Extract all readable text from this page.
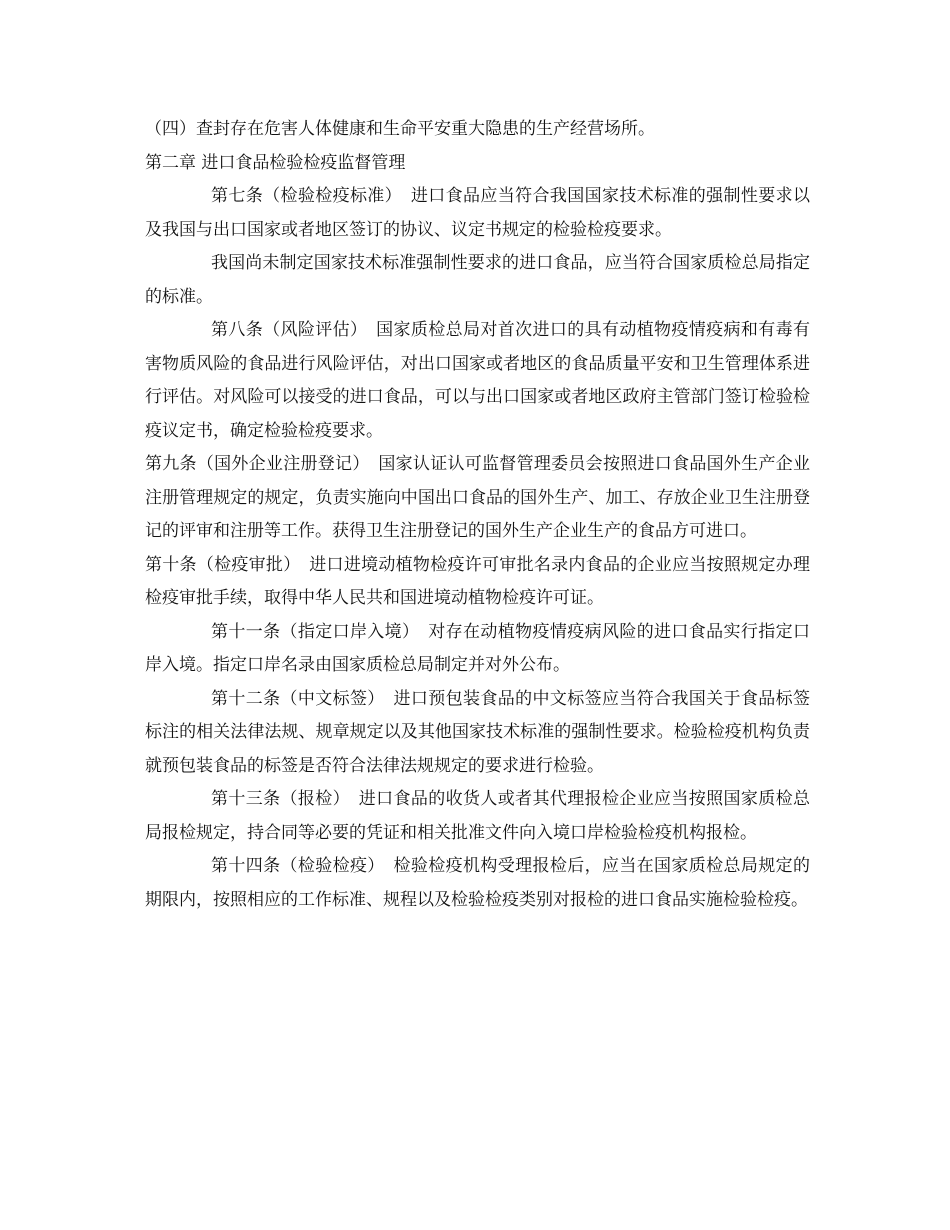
（四）查封存在危害人体健康和生命平安重大隐患的生产经营场所。

第二章 进口食品检验检疫监督管理

第七条（检验检疫标准）　进口食品应当符合我国国家技术标准的强制性要求以及我国与出口国家或者地区签订的协议、议定书规定的检验检疫要求。

我国尚未制定国家技术标准强制性要求的进口食品，应当符合国家质检总局指定的标准。

第八条（风险评估）　国家质检总局对首次进口的具有动植物疫情疫病和有毒有害物质风险的食品进行风险评估，对出口国家或者地区的食品质量平安和卫生管理体系进行评估。对风险可以接受的进口食品，可以与出口国家或者地区政府主管部门签订检验检疫议定书，确定检验检疫要求。

第九条（国外企业注册登记）　国家认证认可监督管理委员会按照进口食品国外生产企业注册管理规定的规定，负责实施向中国出口食品的国外生产、加工、存放企业卫生注册登记的评审和注册等工作。获得卫生注册登记的国外生产企业生产的食品方可进口。

第十条（检疫审批）　进口进境动植物检疫许可审批名录内食品的企业应当按照规定办理检疫审批手续，取得中华人民共和国进境动植物检疫许可证。

第十一条（指定口岸入境）　对存在动植物疫情疫病风险的进口食品实行指定口岸入境。指定口岸名录由国家质检总局制定并对外公布。

第十二条（中文标签）　进口预包装食品的中文标签应当符合我国关于食品标签标注的相关法律法规、规章规定以及其他国家技术标准的强制性要求。检验检疫机构负责就预包装食品的标签是否符合法律法规规定的要求进行检验。

第十三条（报检）　进口食品的收货人或者其代理报检企业应当按照国家质检总局报检规定，持合同等必要的凭证和相关批准文件向入境口岸检验检疫机构报检。

第十四条（检验检疫）　检验检疫机构受理报检后，应当在国家质检总局规定的期限内，按照相应的工作标准、规程以及检验检疫类别对报检的进口食品实施检验检疫。
